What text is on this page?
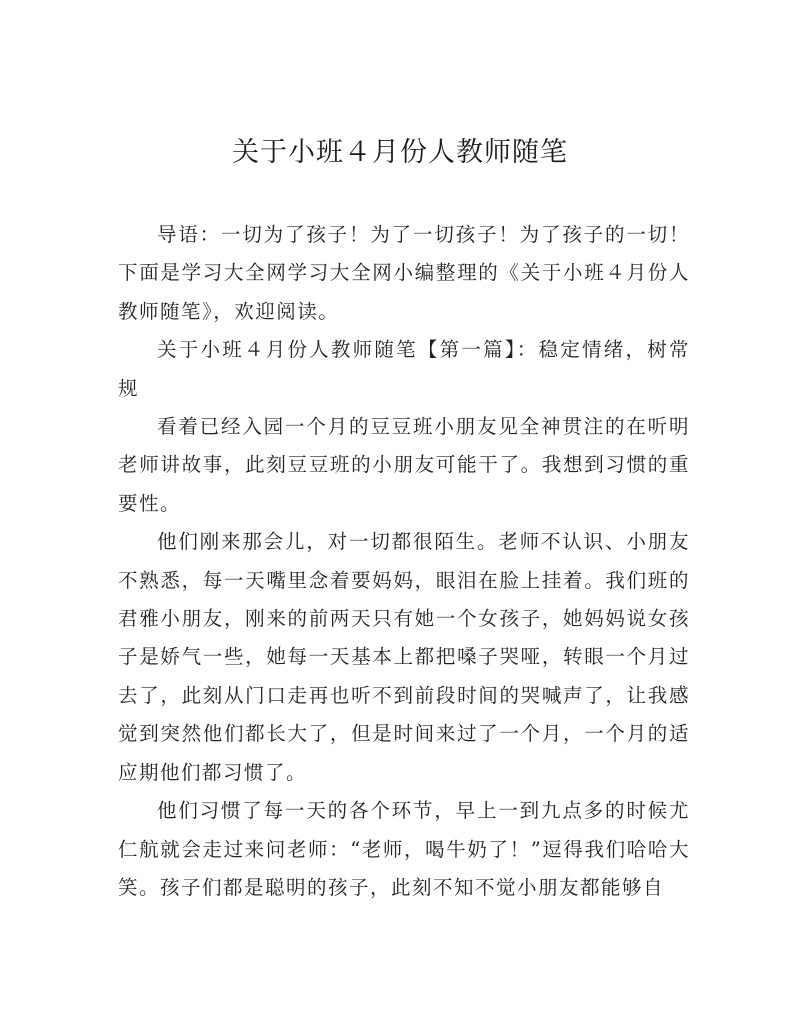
关于小班４月份人教师随笔

导语：一切为了孩子！为了一切孩子！为了孩子的一切！下面是学习大全网学习大全网小编整理的《关于小班４月份人教师随笔》，欢迎阅读。

关于小班４月份人教师随笔【第一篇】：稳定情绪，树常规

看着已经入园一个月的豆豆班小朋友见全神贯注的在听明老师讲故事，此刻豆豆班的小朋友可能干了。我想到习惯的重要性。

他们刚来那会儿，对一切都很陌生。老师不认识、小朋友不熟悉，每一天嘴里念着要妈妈，眼泪在脸上挂着。我们班的君雅小朋友，刚来的前两天只有她一个女孩子，她妈妈说女孩子是娇气一些，她每一天基本上都把嗓子哭哑，转眼一个月过去了，此刻从门口走再也听不到前段时间的哭喊声了，让我感觉到突然他们都长大了，但是时间来过了一个月，一个月的适应期他们都习惯了。

他们习惯了每一天的各个环节，早上一到九点多的时候尤仁航就会走过来问老师：“老师，喝牛奶了！”逗得我们哈哈大笑。孩子们都是聪明的孩子，此刻不知不觉小朋友都能够自
